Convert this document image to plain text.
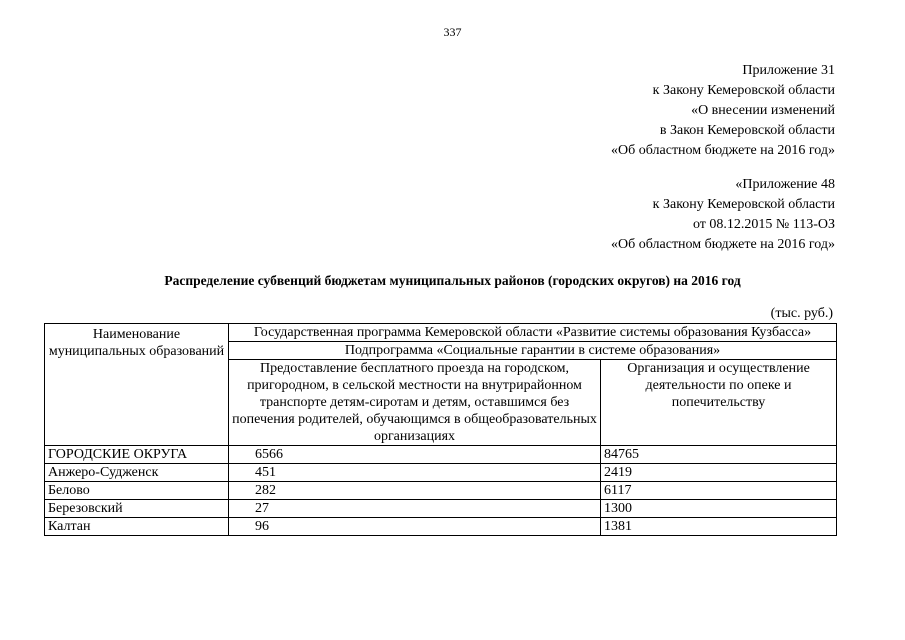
337
Приложение 31
к Закону Кемеровской области
«О внесении изменений
в Закон Кемеровской области
«Об областном бюджете на 2016 год»
«Приложение 48
к Закону Кемеровской области
от 08.12.2015 № 113-ОЗ
«Об областном бюджете на 2016 год»
Распределение субвенций бюджетам муниципальных районов (городских округов) на 2016 год
(тыс. руб.)
Наименование муниципальных образований	Государственная программа Кемеровской области «Развитие системы образования Кузбасса»	

	Подпрограмма «Социальные гарантии в системе образования»	

	Предоставление бесплатного проезда на городском, пригородном, в сельской местности на внутрирайонном транспорте детям-сиротам и детям, оставшимся без попечения родителей, обучающимся в общеобразовательных организациях	Организация и осуществление деятельности по опеке и попечительству

ГОРОДСКИЕ ОКРУГА	6566	84765
Анжеро-Судженск	451	2419
Белово	282	6117
Березовский	27	1300
Калтан	96	1381
